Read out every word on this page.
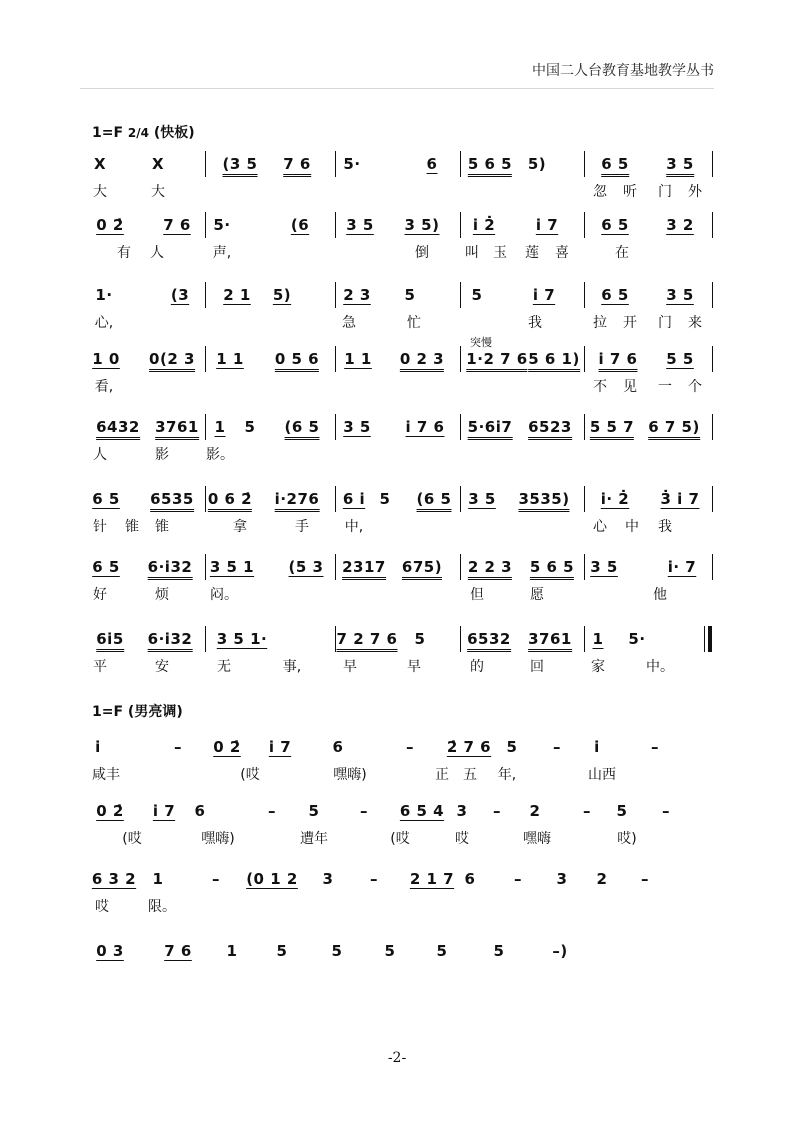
中国二人台教育基地教学丛书
1=F 2/4 (快板)
X	X	(3 5 7 6 5·	6 5 6 5 5)	6 5 3 5
大	大	忽 听 门 外
0 2̇	7 6 5·	(6 3 5 3 5) i 2̇	i 7	6 5 3 2
有 人	声,	倒	叫 玉 莲 喜	在
1·	(3 2 1 5)	2 3 5	5	i 7	6 5 3 5
心,	急	忙	我	拉 开 门 来
突慢
1 0 0(2 3 1 1 0 5 6 1 1 0 2 3 1·2 7 6 5 6 1) i 7 6 5 5
看,	不 见 一 个
6432 3761 1 5 (6 5 3 5 i 7 6 5·6i7 6523 5 5 7 6 7 5)
人	影	影。
6 5 6535 0 6 2̇ i·276 6 i 5 (6 5 3 5 3535) i· 2̇ 3̇ i 7
针 锥 锥	拿	手	中,	心 中 我
6 5 6·i32 3 5 1 (5 3 2317 675) 2 2 3 5 6 5 3 5	i· 7
好	烦	闷。	但	愿	他
6i5 6·i32 3 5 1·	7 2 7 6 5	6532 3761 1 5·
平	安	无	事,	早	早	的	回	家	中。
1=F (男亮调)
i	– 0 2̇ i 7	6	– 2̇ 7 6 5 – i	–
咸丰	(哎	嘿嗨)	正 五 年,	山西
0 2̇ i 7 6	– 5	– 6 5 4 3 – 2	– 5 –
(哎	嘿嗨)	遭年	(哎	哎	嘿嗨	哎)
6 3 2 1	– (0 1 2 3 – 2 1 7 6	– 3 2 –
哎	限。
0 3	7 6 1	5	5	5	5	5	–)
-2-
